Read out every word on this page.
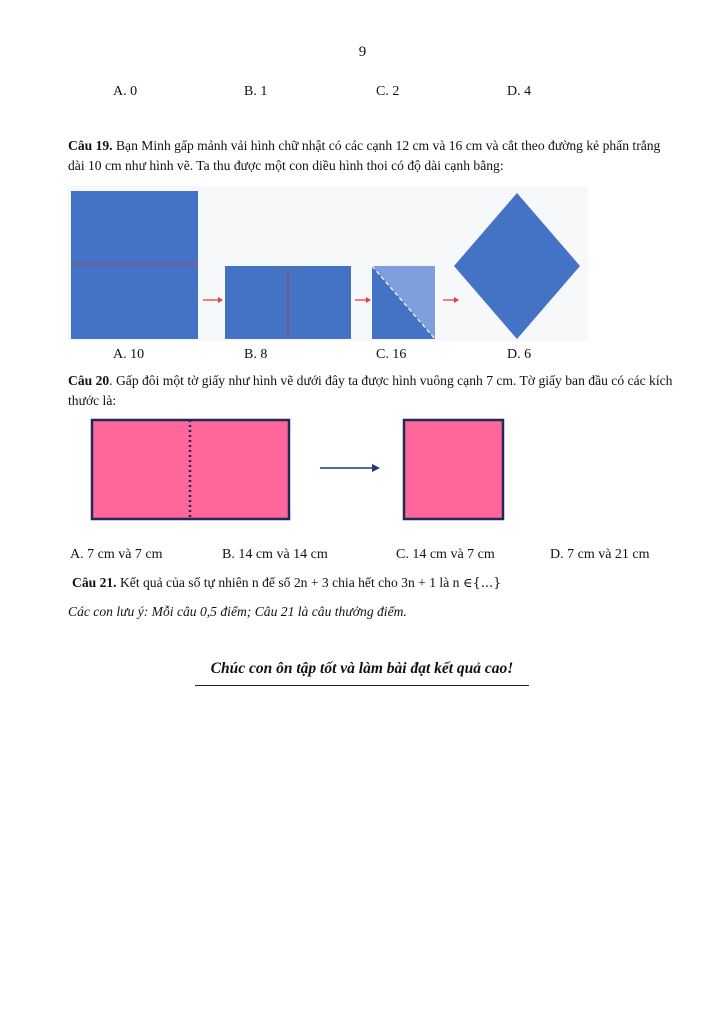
9
A. 0	B. 1	C. 2	D. 4
Câu 19. Bạn Minh gấp mảnh vải hình chữ nhật có các cạnh 12 cm và 16 cm và cắt theo đường kẻ phấn trắng dài 10 cm như hình vẽ. Ta thu được một con diều hình thoi có độ dài cạnh bằng:
A. 10	B. 8	C. 16	D. 6
Câu 20. Gấp đôi một tờ giấy như hình vẽ dưới đây ta được hình vuông cạnh 7 cm. Tờ giấy ban đầu có các kích thước là:
A. 7 cm và 7 cm	B. 14 cm và 14 cm	C. 14 cm và 7 cm	D. 7 cm và 21 cm
Câu 21. Kết quả của số tự nhiên n để số 2n + 3 chia hết cho 3n + 1 là n ∈{...}
Các con lưu ý: Mỗi câu 0,5 điểm; Câu 21 là câu thưởng điểm.
Chúc con ôn tập tốt và làm bài đạt kết quả cao!
